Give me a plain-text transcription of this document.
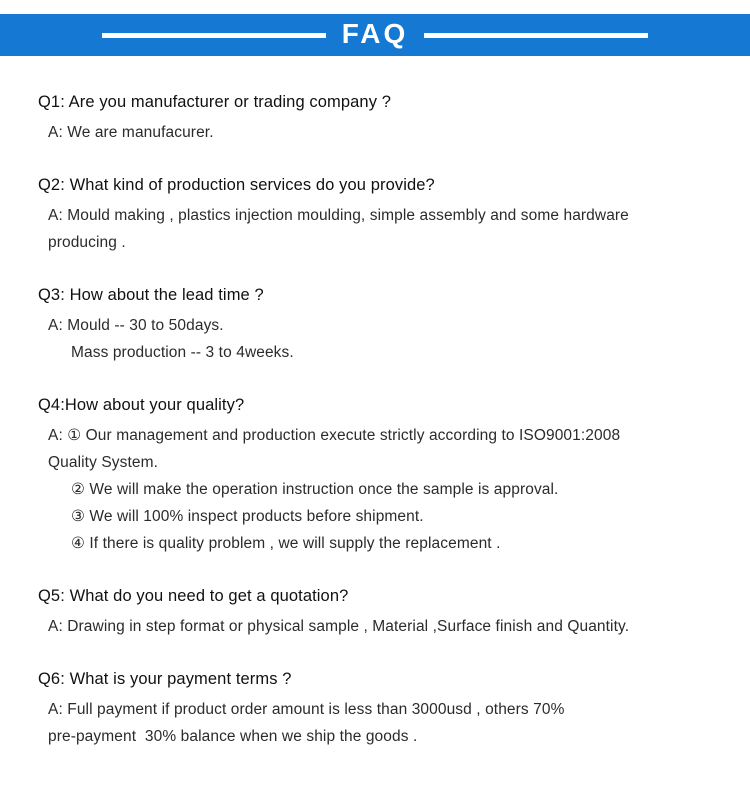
FAQ
Q1: Are you manufacturer or trading company ?
A: We are manufacurer.
Q2: What kind of production services do you provide?
A: Mould making , plastics injection moulding, simple assembly and some hardware
producing .
Q3: How about the lead time ?
A: Mould -- 30 to 50days.
Mass production -- 3 to 4weeks.
Q4:How about your quality?
A: ① Our management and production execute strictly according to ISO9001:2008
Quality System.
② We will make the operation instruction once the sample is approval.
③ We will 100% inspect products before shipment.
④ If there is quality problem , we will supply the replacement .
Q5: What do you need to get a quotation?
A: Drawing in step format or physical sample , Material ,Surface finish and Quantity.
Q6: What is your payment terms ?
A: Full payment if product order amount is less than 3000usd , others 70%
pre-payment  30% balance when we ship the goods .
